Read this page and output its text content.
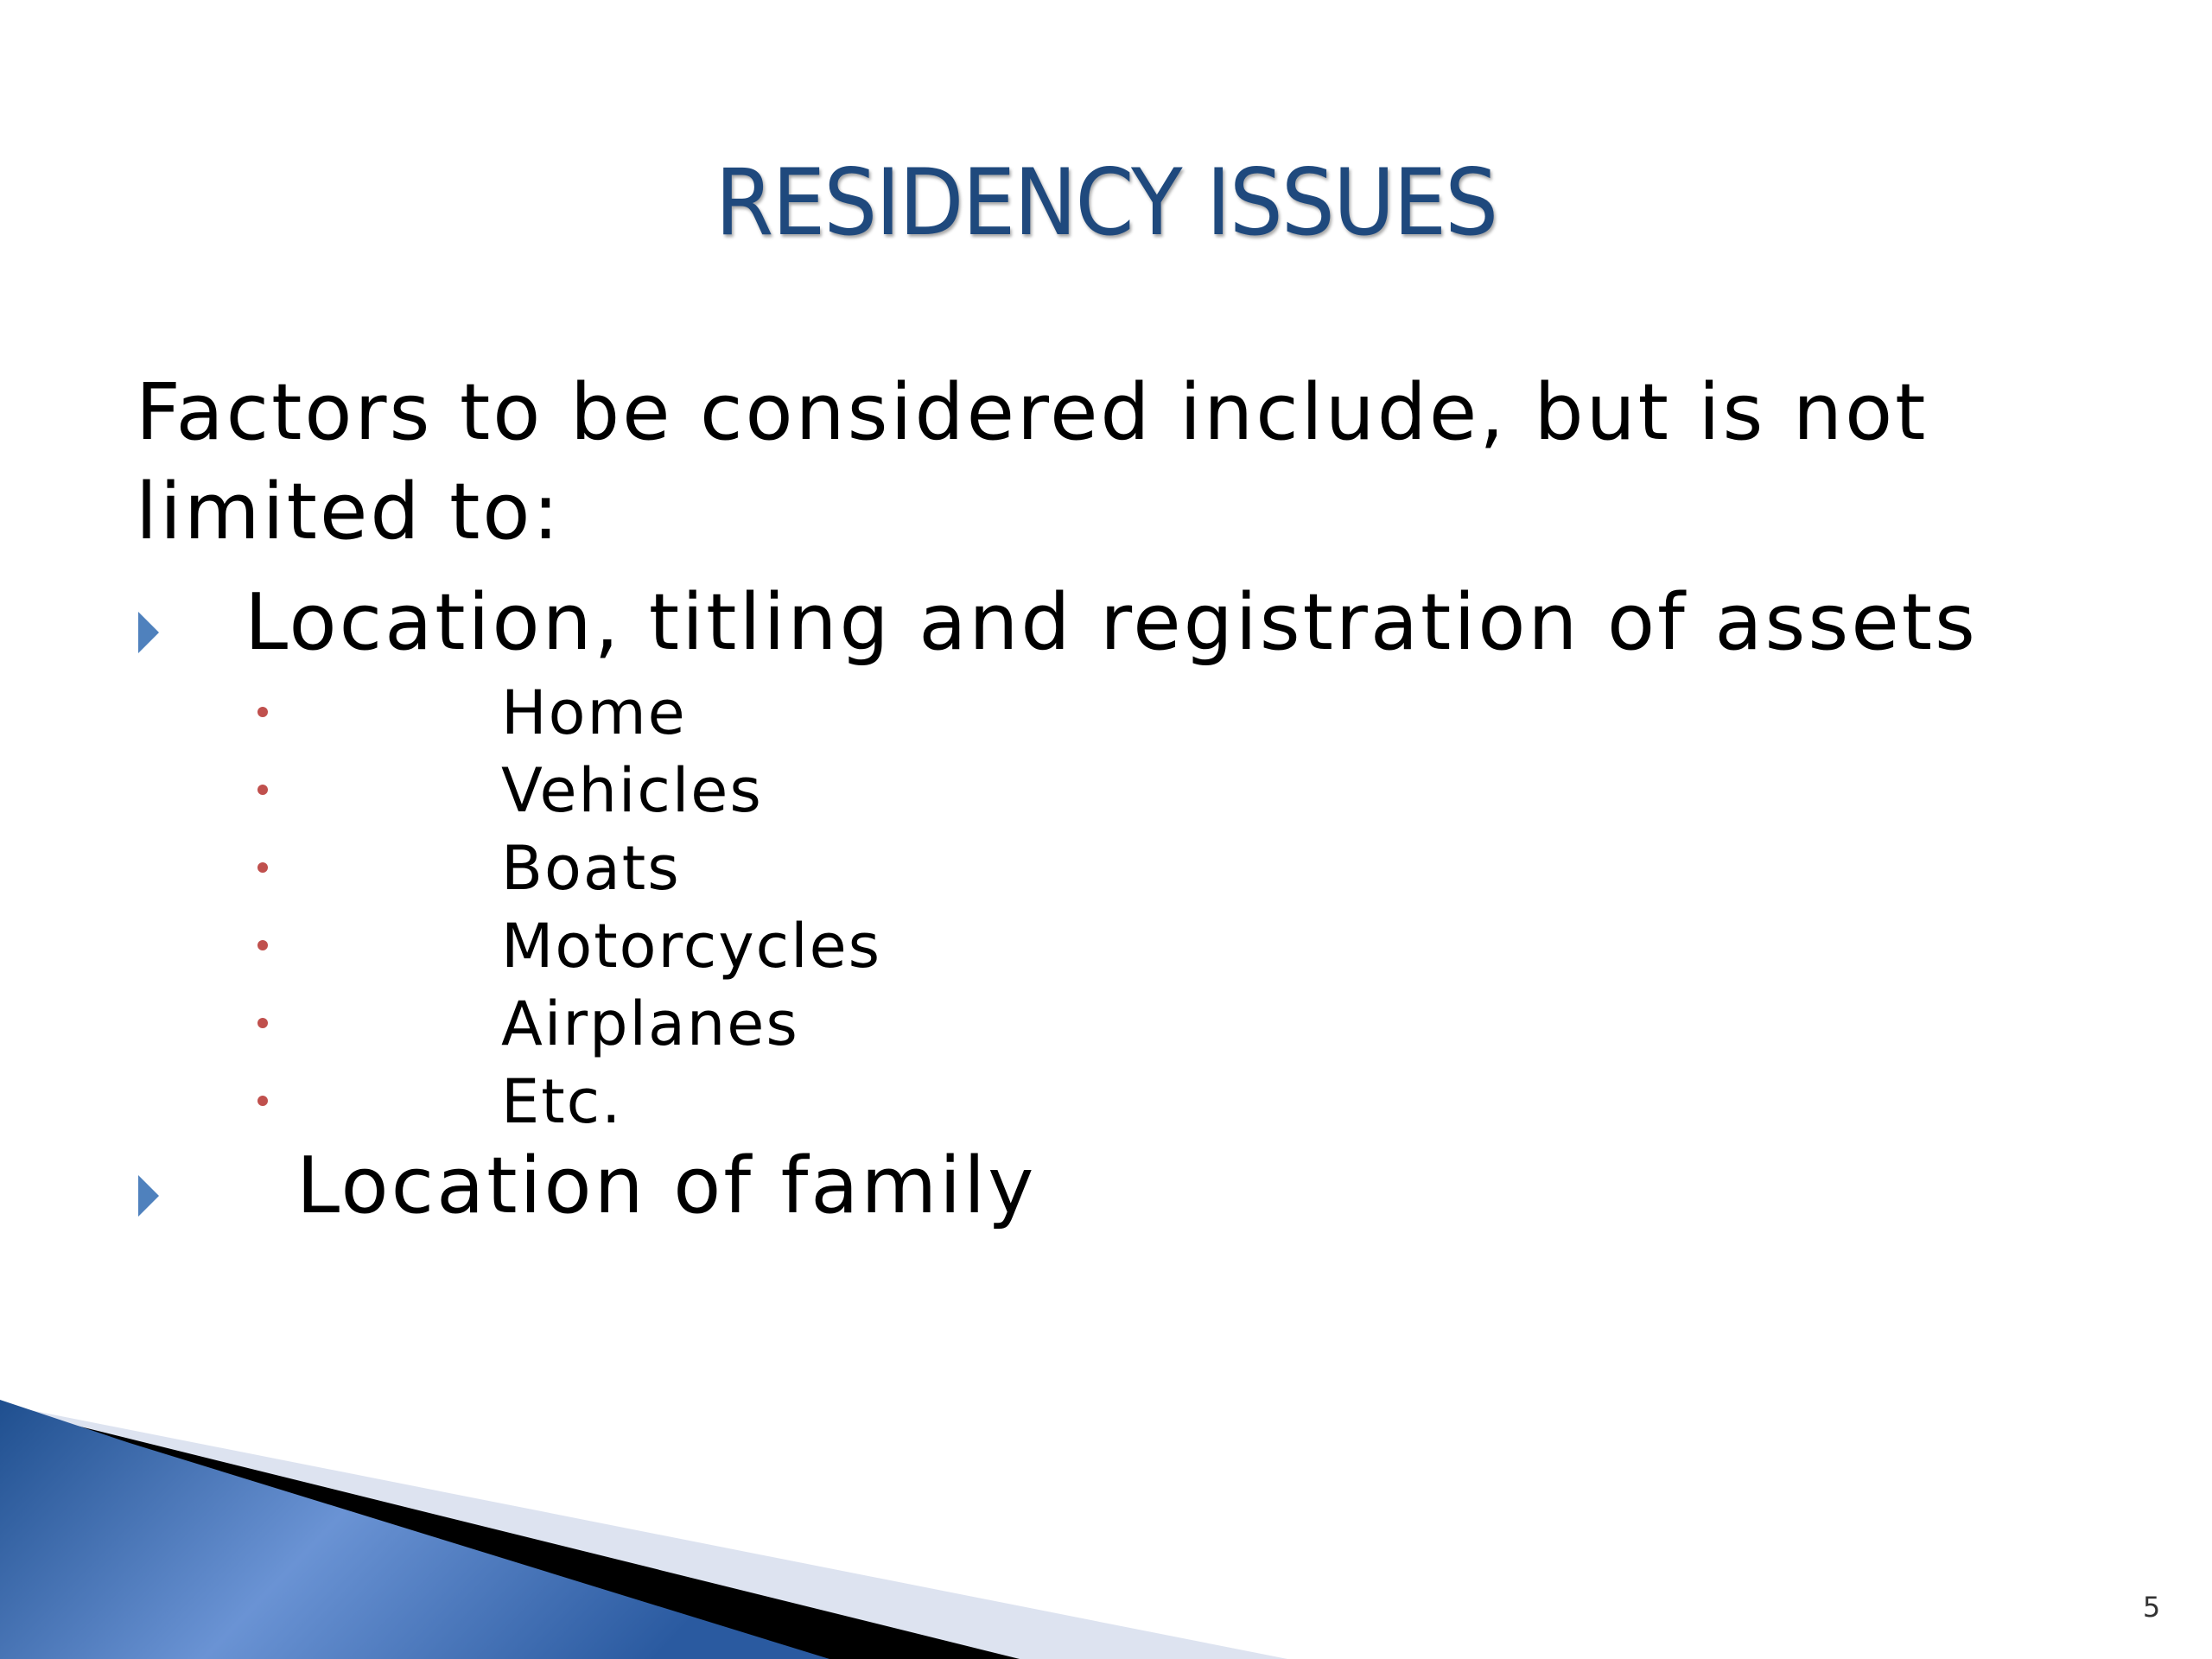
RESIDENCY ISSUES
Factors to be considered include, but is not limited to:
Location, titling and registration of assets
Home
Vehicles
Boats
Motorcycles
Airplanes
Etc.
Location of family
5
